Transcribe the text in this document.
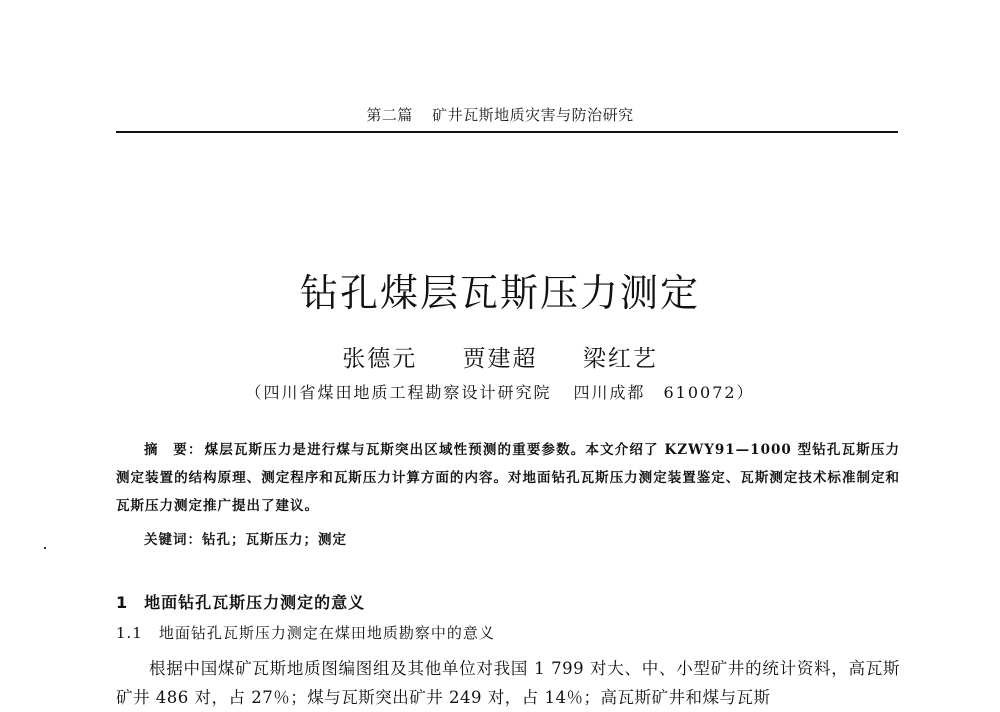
第二篇 矿井瓦斯地质灾害与防治研究
钻孔煤层瓦斯压力测定
张德元 贾建超 梁红艺
（四川省煤田地质工程勘察设计研究院 四川成都 610072）
摘　要： 煤层瓦斯压力是进行煤与瓦斯突出区域性预测的重要参数。本文介绍了 KZWY91—1000 型钻孔瓦斯压力测定装置的结构原理、测定程序和瓦斯压力计算方面的内容。对地面钻孔瓦斯压力测定装置鉴定、瓦斯测定技术标准制定和瓦斯压力测定推广提出了建议。
关键词：钻孔；瓦斯压力；测定
1 地面钻孔瓦斯压力测定的意义
1.1 地面钻孔瓦斯压力测定在煤田地质勘察中的意义
根据中国煤矿瓦斯地质图编图组及其他单位对我国 1 799 对大、中、小型矿井的统计资料，高瓦斯矿井 486 对，占 27％；煤与瓦斯突出矿井 249 对，占 14％；高瓦斯矿井和煤与瓦斯
